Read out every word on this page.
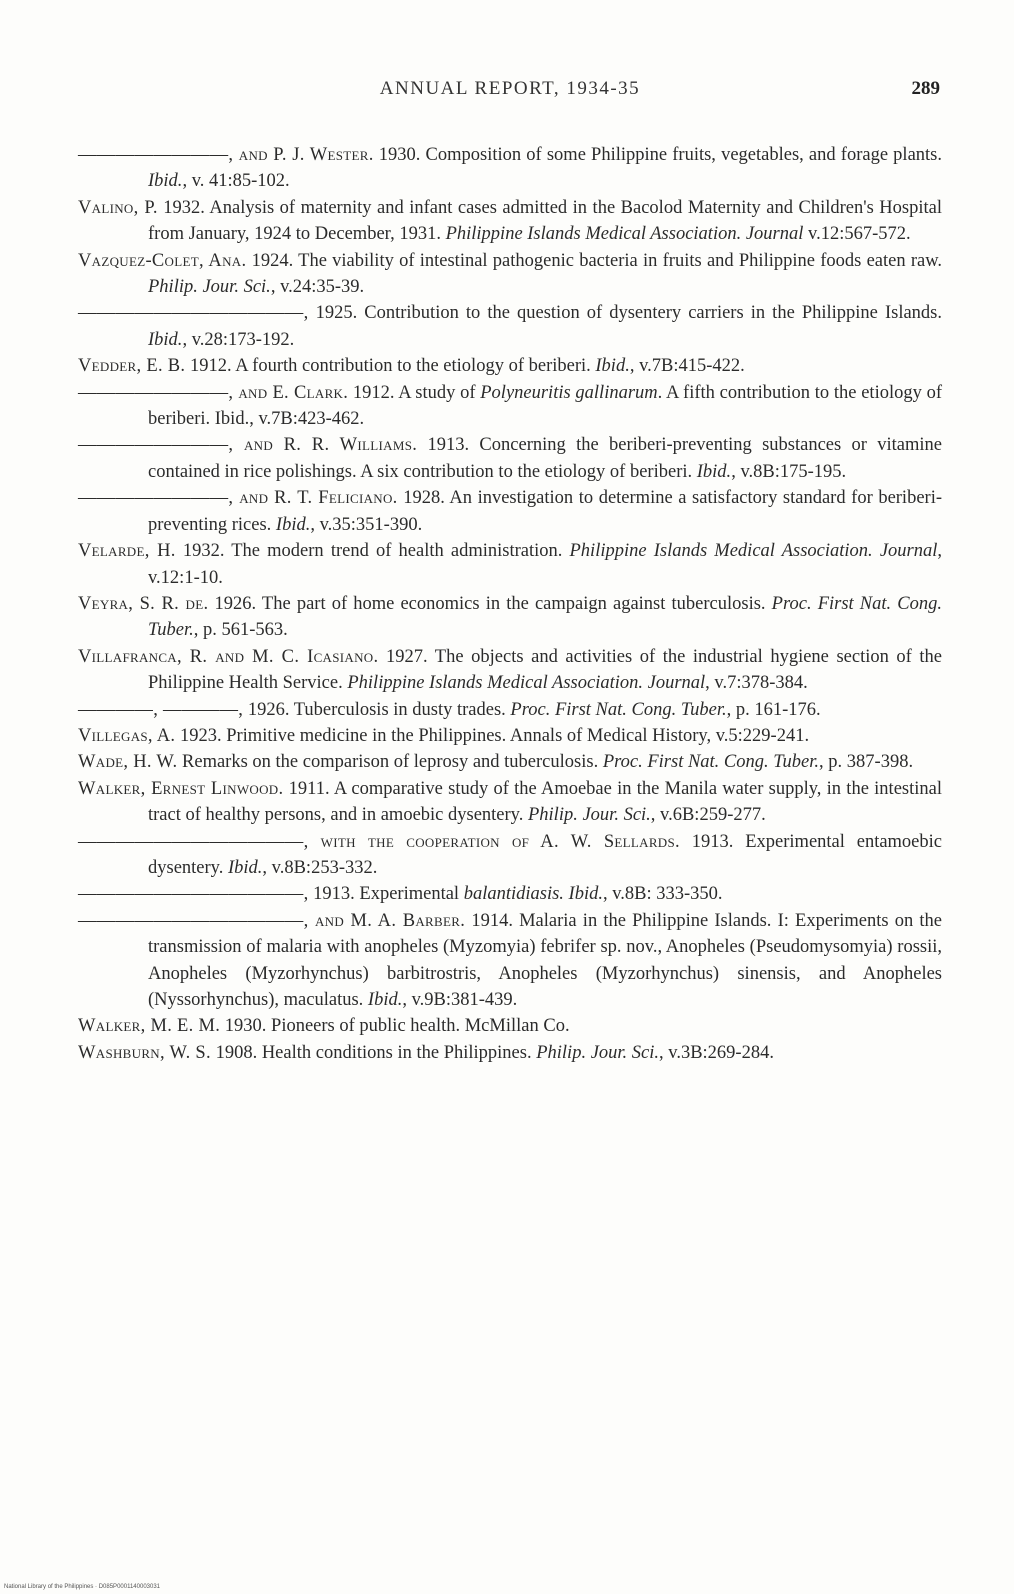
ANNUAL REPORT, 1934-35	289

————————, and P. J. Wester. 1930. Composition of some Philippine fruits, vegetables, and forage plants. Ibid., v. 41:85-102.

Valino, P. 1932. Analysis of maternity and infant cases admitted in the Bacolod Maternity and Children's Hospital from January, 1924 to December, 1931. Philippine Islands Medical Association. Journal v.12:567-572.

Vazquez-Colet, Ana. 1924. The viability of intestinal pathogenic bacteria in fruits and Philippine foods eaten raw. Philip. Jour. Sci., v.24:35-39.

————————————, 1925. Contribution to the question of dysentery carriers in the Philippine Islands. Ibid., v.28:173-192.

Vedder, E. B. 1912. A fourth contribution to the etiology of beriberi. Ibid., v.7B:415-422.

————————, and E. Clark. 1912. A study of Polyneuritis gallinarum. A fifth contribution to the etiology of beriberi. Ibid., v.7B:423-462.

————————, and R. R. Williams. 1913. Concerning the beriberi-preventing substances or vitamine contained in rice polishings. A six contribution to the etiology of beriberi. Ibid., v.8B:175-195.

————————, and R. T. Feliciano. 1928. An investigation to determine a satisfactory standard for beriberi-preventing rices. Ibid., v.35:351-390.

Velarde, H. 1932. The modern trend of health administration. Philippine Islands Medical Association. Journal, v.12:1-10.

Veyra, S. R. de. 1926. The part of home economics in the campaign against tuberculosis. Proc. First Nat. Cong. Tuber., p. 561-563.

Villafranca, R. and M. C. Icasiano. 1927. The objects and activities of the industrial hygiene section of the Philippine Health Service. Philippine Islands Medical Association. Journal, v.7:378-384.

————, ————, 1926. Tuberculosis in dusty trades. Proc. First Nat. Cong. Tuber., p. 161-176.

Villegas, A. 1923. Primitive medicine in the Philippines. Annals of Medical History, v.5:229-241.

Wade, H. W. Remarks on the comparison of leprosy and tuberculosis. Proc. First Nat. Cong. Tuber., p. 387-398.

Walker, Ernest Linwood. 1911. A comparative study of the Amoebae in the Manila water supply, in the intestinal tract of healthy persons, and in amoebic dysentery. Philip. Jour. Sci., v.6B:259-277.

————————————, with the cooperation of A. W. Sellards. 1913. Experimental entamoebic dysentery. Ibid., v.8B:253-332.

————————————, 1913. Experimental balantidiasis. Ibid., v.8B: 333-350.

————————————, and M. A. Barber. 1914. Malaria in the Philippine Islands. I: Experiments on the transmission of malaria with anopheles (Myzomyia) febrifer sp. nov., Anopheles (Pseudomysomyia) rossii, Anopheles (Myzorhynchus) barbitrostris, Anopheles (Myzorhynchus) sinensis, and Anopheles (Nyssorhynchus), maculatus. Ibid., v.9B:381-439.

Walker, M. E. M. 1930. Pioneers of public health. McMillan Co.

Washburn, W. S. 1908. Health conditions in the Philippines. Philip. Jour. Sci., v.3B:269-284.

National Library of the Philippines · D085P0001140003031
